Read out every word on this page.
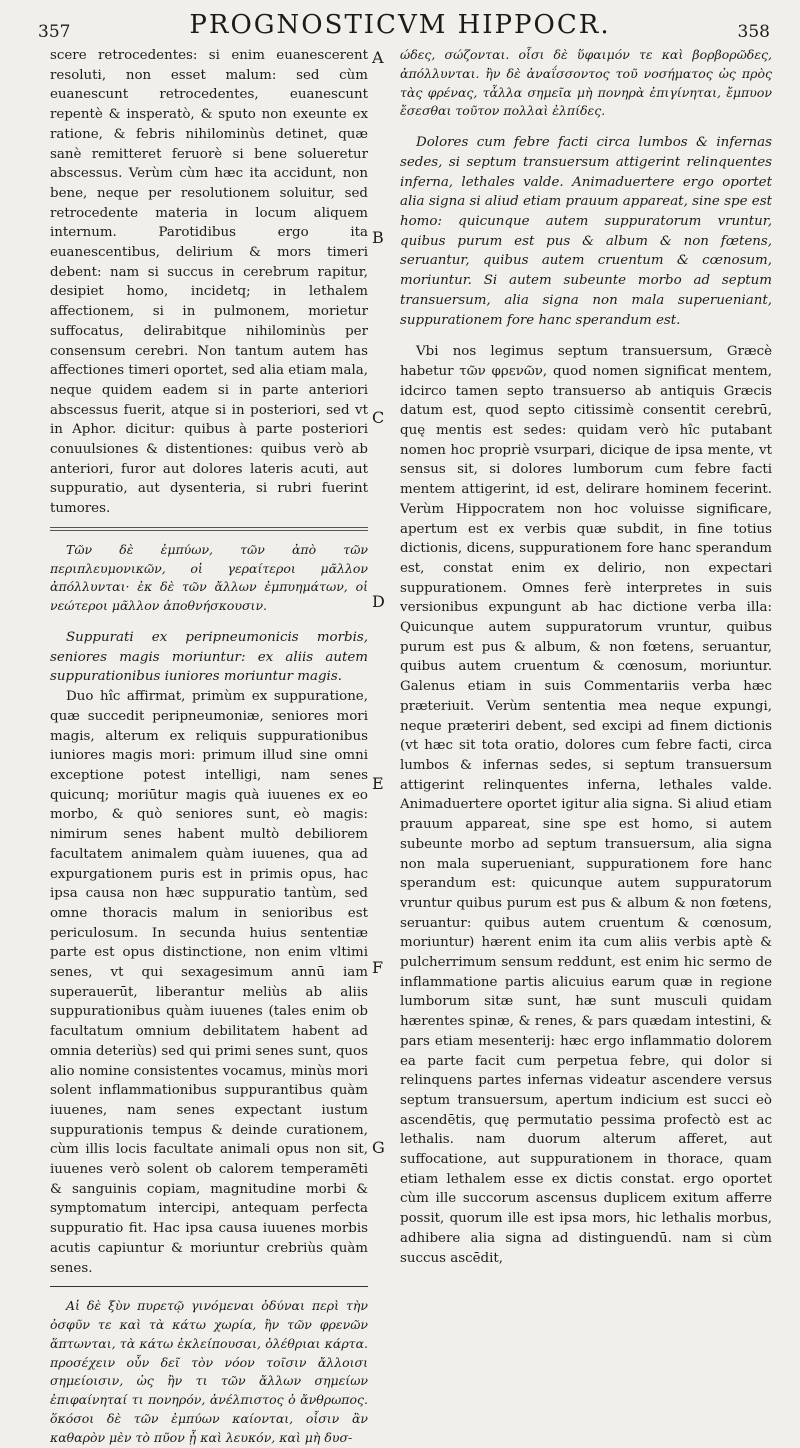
357	PROGNOSTICVM HIPPOCR.	358

scere retrocedentes: si enim euanescerent resoluti, non esset malum: sed cùm euanescunt retrocedentes, euanescunt repentè & insperatò, & sputo non exeunte ex ratione, & febris nihilominùs detinet, quæ sanè remitteret feruorè si bene solueretur abscessus. Verùm cùm hæc ita accidunt, non bene, neque per resolutionem soluitur, sed retrocedente materia in locum aliquem internum. Parotidibus ergo ita euanescentibus, delirium & mors timeri debent: nam si succus in cerebrum rapitur, desipiet homo, incidetq; in lethalem affectionem, si in pulmonem, morietur suffocatus, delirabitque nihilominùs per consensum cerebri. Non tantum autem has affectiones timeri oportet, sed alia etiam mala, neque quidem eadem si in parte anteriori abscessus fuerit, atque si in posteriori, sed vt in Aphor. dicitur: quibus à parte posteriori conuulsiones & distentiones: quibus verò ab anteriori, furor aut dolores lateris acuti, aut suppuratio, aut dysenteria, si rubri fuerint tumores.

Τῶν δὲ ἐμπύων, τῶν ἀπὸ τῶν περιπλευμονικῶν, οἱ γεραίτεροι μᾶλλον ἀπόλλυνται· ἐκ δὲ τῶν ἄλλων ἐμπυημάτων, οἱ νεώτεροι μᾶλλον ἀποθνήσκουσιν.

Suppurati ex peripneumonicis morbis, seniores magis moriuntur: ex aliis autem suppurationibus iuniores moriuntur magis.

Duo hîc affirmat, primùm ex suppuratione, quæ succedit peripneumoniæ, seniores mori magis, alterum ex reliquis suppurationibus iuniores magis mori: primum illud sine omni exceptione potest intelligi, nam senes quicunq; moriūtur magis quà iuuenes ex eo morbo, & quò seniores sunt, eò magis: nimirum senes habent multò debiliorem facultatem animalem quàm iuuenes, qua ad expurgationem puris est in primis opus, hac ipsa causa non hæc suppuratio tantùm, sed omne thoracis malum in senioribus est periculosum. In secunda huius sententiæ parte est opus distinctione, non enim vltimi senes, vt qui sexagesimum annū iam superauerūt, liberantur meliùs ab aliis suppurationibus quàm iuuenes (tales enim ob facultatum omnium debilitatem habent ad omnia deteriùs) sed qui primi senes sunt, quos alio nomine consistentes vocamus, minùs mori solent inflammationibus suppurantibus quàm iuuenes, nam senes expectant iustum suppurationis tempus & deinde curationem, cùm illis locis facultate animali opus non sit, iuuenes verò solent ob calorem temperamēti & sanguinis copiam, magnitudine morbi & symptomatum intercipi, antequam perfecta suppuratio fit. Hac ipsa causa iuuenes morbis acutis capiuntur & moriuntur crebriùs quàm senes.

Αἱ δὲ ξὺν πυρετῷ γινόμεναι ὀδύναι περὶ τὴν ὀσφῦν τε καὶ τὰ κάτω χωρία, ἢν τῶν φρενῶν ἅπτωνται, τὰ κάτω ἐκλείπουσαι, ὀλέθριαι κάρτα. προσέχειν οὖν δεῖ τὸν νόον τοῖσιν ἄλλοισι σημείοισιν, ὡς ἢν τι τῶν ἄλλων σημείων ἐπιφαίνηταί τι πονηρόν, ἀνέλπιστος ὁ ἄνθρωπος. ὅκόσοι δὲ τῶν ἐμπύων καίονται, οἷσιν ἂν καθαρὸν μὲν τὸ πῦον ᾖ καὶ λευκόν, καὶ μὴ δυσ-

A
B
C
D
E
F
G

ώδες, σώζονται. οἷσι δὲ ὕφαιμόν τε καὶ βορβορῶδες, ἀπόλλυνται. ἢν δὲ ἀναΐσσοντος τοῦ νοσήματος ὡς πρὸς τὰς φρένας, τἆλλα σημεῖα μὴ πονηρὰ ἐπιγίνηται, ἔμπυον ἔσεσθαι τοῦτον πολλαὶ ἐλπίδες.

Dolores cum febre facti circa lumbos & infernas sedes, si septum transuersum attigerint relinquentes inferna, lethales valde. Animaduertere ergo oportet alia signa si aliud etiam prauum appareat, sine spe est homo: quicunque autem suppuratorum vruntur, quibus purum est pus & album & non fœtens, seruantur, quibus autem cruentum & cœnosum, moriuntur. Si autem subeunte morbo ad septum transuersum, alia signa non mala superueniant, suppurationem fore hanc sperandum est.

Vbi nos legimus septum transuersum, Græcè habetur τῶν φρενῶν, quod nomen significat mentem, idcirco tamen septo transuerso ab antiquis Græcis datum est, quod septo citissimè consentit cerebrū, quę mentis est sedes: quidam verò hîc putabant nomen hoc propriè vsurpari, dicique de ipsa mente, vt sensus sit, si dolores lumborum cum febre facti mentem attigerint, id est, delirare hominem fecerint. Verùm Hippocratem non hoc voluisse significare, apertum est ex verbis quæ subdit, in fine totius dictionis, dicens, suppurationem fore hanc sperandum est, constat enim ex delirio, non expectari suppurationem. Omnes ferè interpretes in suis versionibus expungunt ab hac dictione verba illa: Quicunque autem suppuratorum vruntur, quibus purum est pus & album, & non fœtens, seruantur, quibus autem cruentum & cœnosum, moriuntur. Galenus etiam in suis Commentariis verba hæc præteriuit. Verùm sententia mea neque expungi, neque præteriri debent, sed excipi ad finem dictionis (vt hæc sit tota oratio, dolores cum febre facti, circa lumbos & infernas sedes, si septum transuersum attigerint relinquentes inferna, lethales valde. Animaduertere oportet igitur alia signa. Si aliud etiam prauum appareat, sine spe est homo, si autem subeunte morbo ad septum transuersum, alia signa non mala superueniant, suppurationem fore hanc sperandum est: quicunque autem suppuratorum vruntur quibus purum est pus & album & non fœtens, seruantur: quibus autem cruentum & cœnosum, moriuntur) hærent enim ita cum aliis verbis aptè & pulcherrimum sensum reddunt, est enim hic sermo de inflammatione partis alicuius earum quæ in regione lumborum sitæ sunt, hæ sunt musculi quidam hærentes spinæ, & renes, & pars quædam intestini, & pars etiam mesenterij: hæc ergo inflammatio dolorem ea parte facit cum perpetua febre, qui dolor si relinquens partes infernas videatur ascendere versus septum transuersum, apertum indicium est succi eò ascendētis, quę permutatio pessima profectò est ac lethalis. nam duorum alterum afferet, aut suffocatione, aut suppurationem in thorace, quam etiam lethalem esse ex dictis constat. ergo oportet cùm ille succorum ascensus duplicem exitum afferre possit, quorum ille est ipsa mors, hic lethalis morbus, adhibere alia signa ad distinguendū. nam si cùm succus ascēdit,
